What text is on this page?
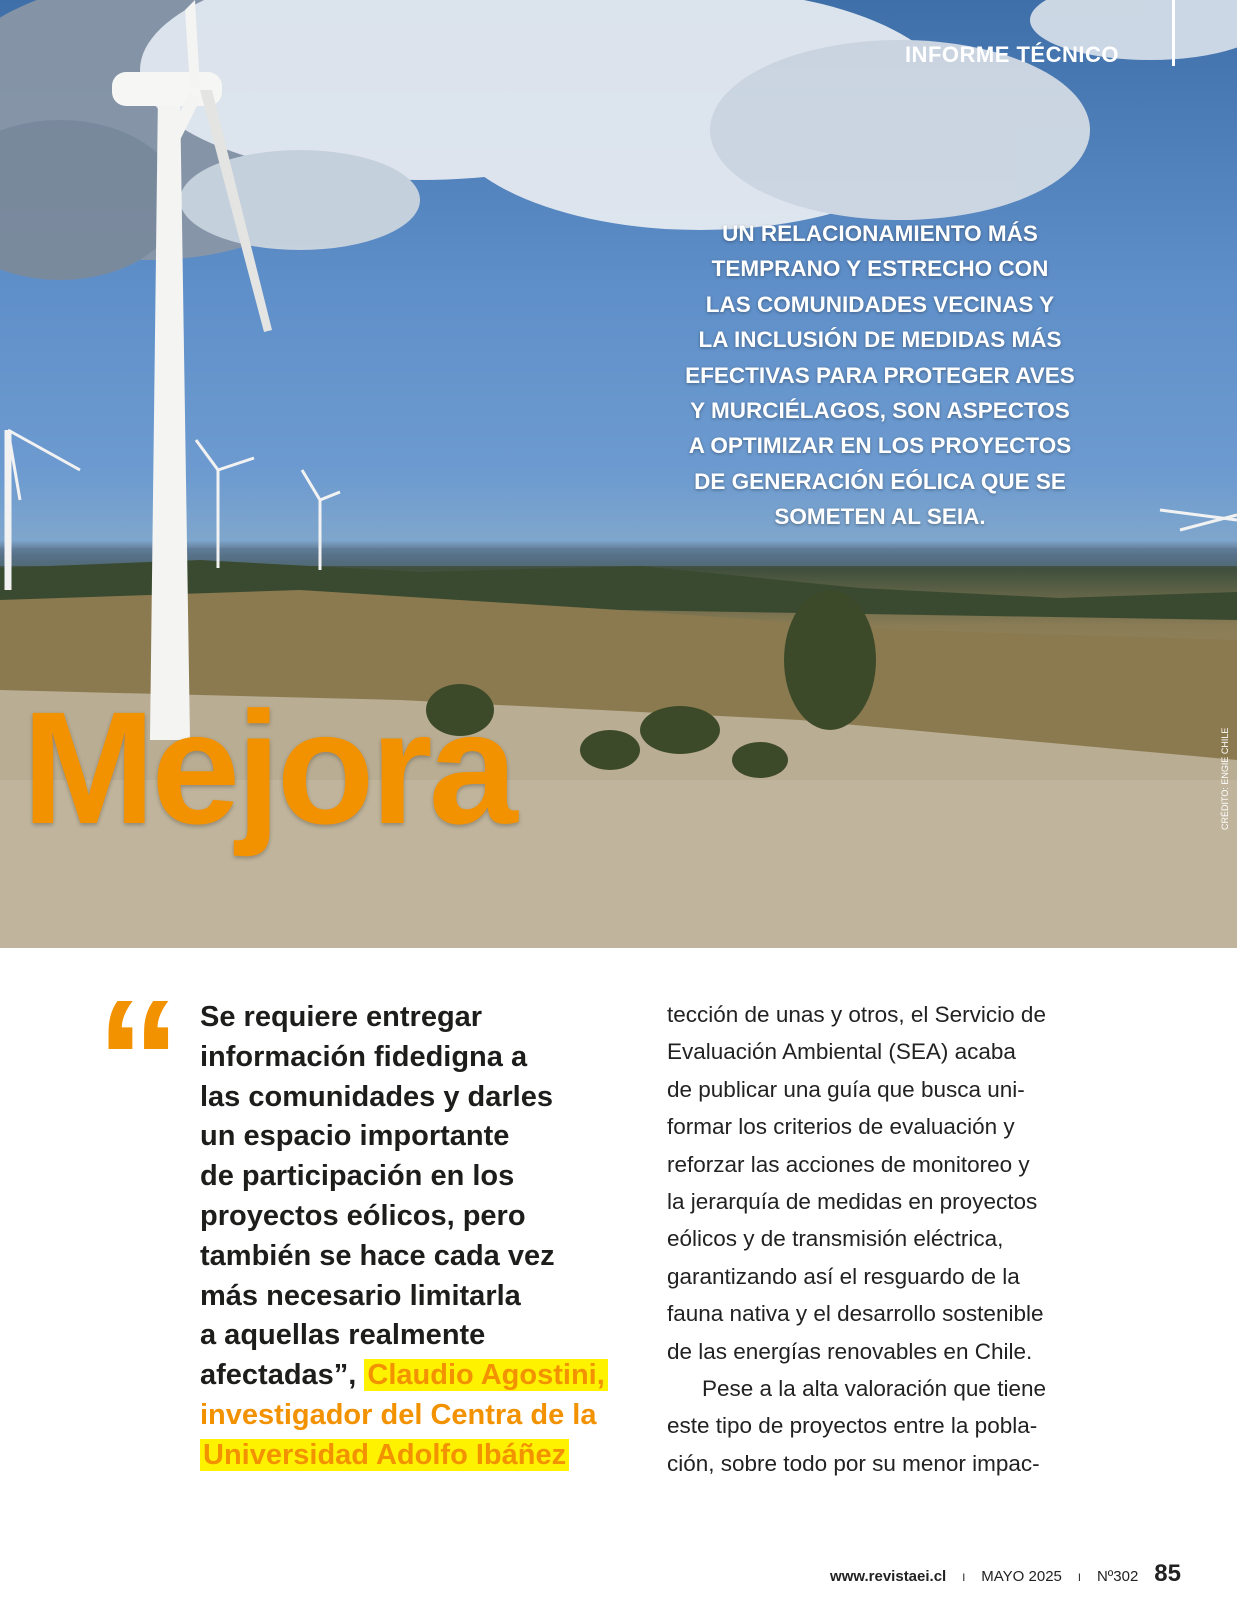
INFORME TÉCNICO
UN RELACIONAMIENTO MÁS
TEMPRANO Y ESTRECHO CON
LAS COMUNIDADES VECINAS Y
LA INCLUSIÓN DE MEDIDAS MÁS
EFECTIVAS PARA PROTEGER AVES
Y MURCIÉLAGOS, SON ASPECTOS
A OPTIMIZAR EN LOS PROYECTOS
DE GENERACIÓN EÓLICA QUE SE
SOMETEN AL SEIA.
Mejora	CRÉDITO: ENGIE CHILE
“ Se requiere entregar
información fidedigna a
las comunidades y darles
un espacio importante
de participación en los
proyectos eólicos, pero
también se hace cada vez
más necesario limitarla
a aquellas realmente
afectadas”, Claudio Agostini,
investigador del Centra de la
Universidad Adolfo Ibáñez

tección de unas y otros, el Servicio de
Evaluación Ambiental (SEA) acaba
de publicar una guía que busca uni-
formar los criterios de evaluación y
reforzar las acciones de monitoreo y
la jerarquía de medidas en proyectos
eólicos y de transmisión eléctrica,
garantizando así el resguardo de la
fauna nativa y el desarrollo sostenible
de las energías renovables en Chile.

Pese a la alta valoración que tiene
este tipo de proyectos entre la pobla-
ción, sobre todo por su menor impac-

www.revistaei.cl I MAYO 2025 I Nº302 85
